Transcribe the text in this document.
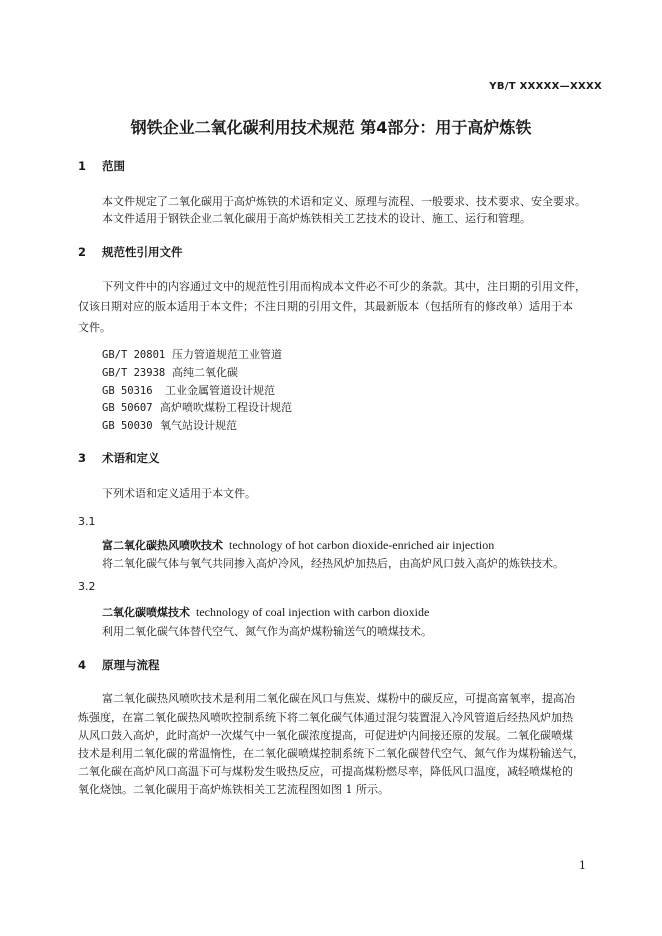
YB/T XXXXX—XXXX
钢铁企业二氧化碳利用技术规范 第4部分：用于高炉炼铁
1 范围
本文件规定了二氧化碳用于高炉炼铁的术语和定义、原理与流程、一般要求、技术要求、安全要求。
本文件适用于钢铁企业二氧化碳用于高炉炼铁相关工艺技术的设计、施工、运行和管理。
2 规范性引用文件
下列文件中的内容通过文中的规范性引用而构成本文件必不可少的条款。其中，注日期的引用文件，
仅该日期对应的版本适用于本文件；不注日期的引用文件，其最新版本（包括所有的修改单）适用于本
文件。
GB/T 20801 压力管道规范工业管道
GB/T 23938 高纯二氧化碳
GB 50316 工业金属管道设计规范
GB 50607 高炉喷吹煤粉工程设计规范
GB 50030 氧气站设计规范
3 术语和定义
下列术语和定义适用于本文件。
3.1
富二氧化碳热风喷吹技术 technology of hot carbon dioxide-enriched air injection
将二氧化碳气体与氧气共同掺入高炉冷风，经热风炉加热后，由高炉风口鼓入高炉的炼铁技术。
3.2
二氧化碳喷煤技术 technology of coal injection with carbon dioxide
利用二氧化碳气体替代空气、氮气作为高炉煤粉输送气的喷煤技术。
4 原理与流程
富二氧化碳热风喷吹技术是利用二氧化碳在风口与焦炭、煤粉中的碳反应，可提高富氧率，提高冶
炼强度，在富二氧化碳热风喷吹控制系统下将二氧化碳气体通过混匀装置混入冷风管道后经热风炉加热
从风口鼓入高炉，此时高炉一次煤气中一氧化碳浓度提高，可促进炉内间接还原的发展。二氧化碳喷煤
技术是利用二氧化碳的常温惰性，在二氧化碳喷煤控制系统下二氧化碳替代空气、氮气作为煤粉输送气，
二氧化碳在高炉风口高温下可与煤粉发生吸热反应，可提高煤粉燃尽率，降低风口温度，减轻喷煤枪的
氧化烧蚀。二氧化碳用于高炉炼铁相关工艺流程图如图 1 所示。
1
